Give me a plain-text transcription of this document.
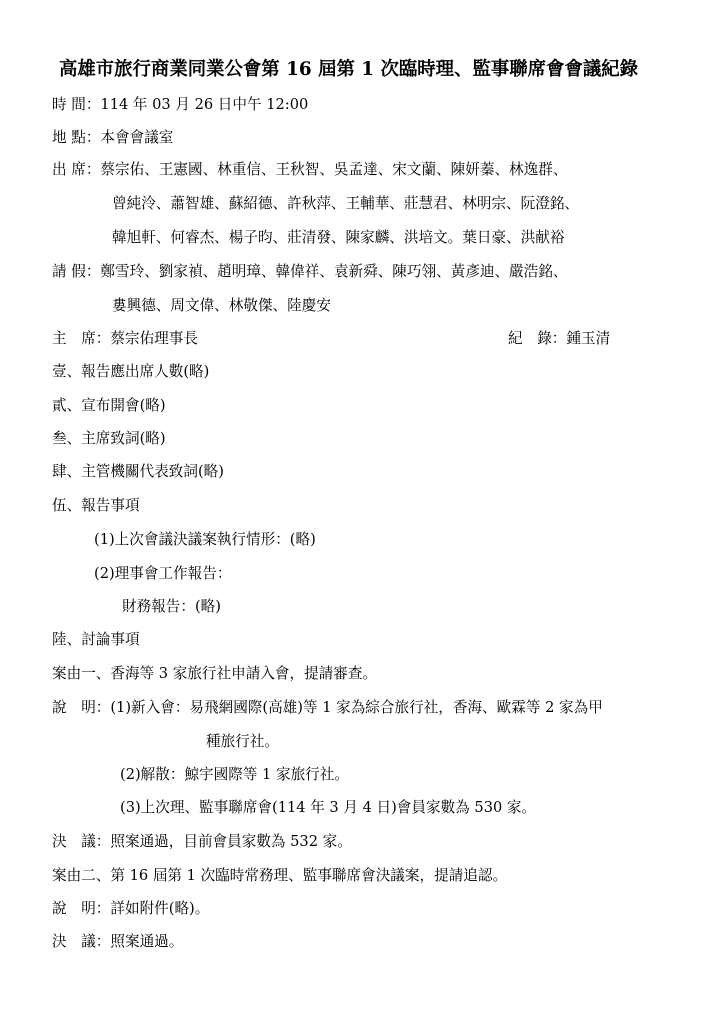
高雄市旅行商業同業公會第 16 屆第 1 次臨時理、監事聯席會會議紀錄
時 間：114 年 03 月 26 日中午 12:00
地 點：本會會議室
出 席：蔡宗佑、王憲國、林重信、王秋智、吳孟達、宋文蘭、陳妍蓁、林逸群、
曾純泠、蕭智雄、蘇紹德、許秋萍、王輔華、莊慧君、林明宗、阮澄銘、
韓旭軒、何睿杰、楊子昀、莊清發、陳家麟、洪培文。葉日豪、洪献裕
請 假：鄭雪玲、劉家禎、趙明璋、韓偉祥、袁新舜、陳巧翎、黃彥迪、嚴浩銘、
婁興德、周文偉、林敬傑、陸慶安
主　席：蔡宗佑理事長	紀　錄：鍾玉清
壹、報告應出席人數(略)
貳、宣布開會(略)
叁、主席致詞(略)
肆、主管機關代表致詞(略)
伍、報告事項
(1)上次會議決議案執行情形：(略)
(2)理事會工作報告：
財務報告：(略)
陸、討論事項
案由一、香海等 3 家旅行社申請入會，提請審查。
說　明：(1)新入會：易飛網國際(高雄)等 1 家為綜合旅行社，香海、歐霖等 2 家為甲
種旅行社。
(2)解散：鯨宇國際等 1 家旅行社。
(3)上次理、監事聯席會(114 年 3 月 4 日)會員家數為 530 家。
決　議：照案通過，目前會員家數為 532 家。
案由二、第 16 屆第 1 次臨時常務理、監事聯席會決議案，提請追認。
說　明：詳如附件(略)。
決　議：照案通過。
